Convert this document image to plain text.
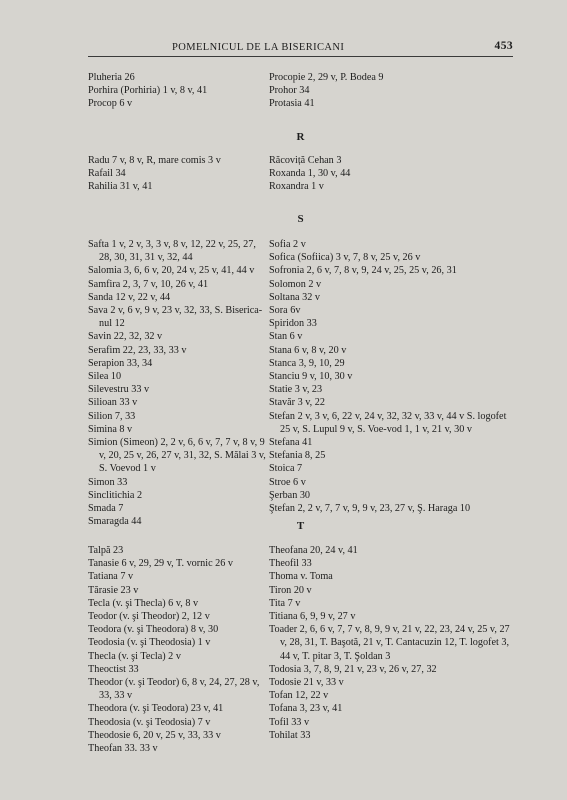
POMELNICUL DE LA BISERICANI	453
Pluheria 26
Porhira (Porhiria) 1 v, 8 v, 41
Procop 6 v
Procopie 2, 29 v, P. Bodea 9
Prohor 34
Protasia 41
R
Radu 7 v, 8 v, R, mare comis 3 v
Rafail 34
Rahilia 31 v, 41
Răcoviță Cehan 3
Roxanda 1, 30 v, 44
Roxandra 1 v
S
Safta 1 v, 2 v, 3, 3 v, 8 v, 12, 22 v, 25, 27, 28, 30, 31, 31 v, 32, 44
Salomia 3, 6, 6 v, 20, 24 v, 25 v, 41, 44 v
Samfira 2, 3, 7 v, 10, 26 v, 41
Sanda 12 v, 22 v, 44
Sava 2 v, 6 v, 9 v, 23 v, 32, 33, S. Biserica-nul 12
Savin 22, 32, 32 v
Serafim 22, 23, 33, 33 v
Serapion 33, 34
Silea 10
Silevestru 33 v
Silioan 33 v
Silion 7, 33
Simina 8 v
Simion (Simeon) 2, 2 v, 6, 6 v, 7, 7 v, 8 v, 9 v, 20, 25 v, 26, 27 v, 31, 32, S. Mălai 3 v, S. Voevod 1 v
Simon 33
Sinclitichia 2
Smada 7
Smaragda 44
Sofia 2 v
Sofica (Sofiica) 3 v, 7, 8 v, 25 v, 26 v
Sofronia 2, 6 v, 7, 8 v, 9, 24 v, 25, 25 v, 26, 31
Solomon 2 v
Soltana 32 v
Sora 6v
Spiridon 33
Stan 6 v
Stana 6 v, 8 v, 20 v
Stanca 3, 9, 10, 29
Stanciu 9 v, 10, 30 v
Statie 3 v, 23
Stavăr 3 v, 22
Stefan 2 v, 3 v, 6, 22 v, 24 v, 32, 32 v, 33 v, 44 v S. logofet 25 v, S. Lupul 9 v, S. Voe-vod 1, 1 v, 21 v, 30 v
Stefana 41
Stefania 8, 25
Stoica 7
Stroe 6 v
Şerban 30
Ştefan 2, 2 v, 7, 7 v, 9, 9 v, 23, 27 v, Ş. Haraga 10
T
Talpă 23
Tanasie 6 v, 29, 29 v, T. vornic 26 v
Tatiana 7 v
Tărasie 23 v
Tecla (v. şi Thecla) 6 v, 8 v
Teodor (v. şi Theodor) 2, 12 v
Teodora (v. şi Theodora) 8 v, 30
Teodosia (v. şi Theodosia) 1 v
Thecla (v. şi Tecla) 2 v
Theoctist 33
Theodor (v. şi Teodor) 6, 8 v, 24, 27, 28 v, 33, 33 v
Theodora (v. şi Teodora) 23 v, 41
Theodosia (v. şi Teodosia) 7 v
Theodosie 6, 20 v, 25 v, 33, 33 v
Theofan 33. 33 v
Theofana 20, 24 v, 41
Theofil 33
Thoma v. Toma
Tiron 20 v
Tita 7 v
Titiana 6, 9, 9 v, 27 v
Toader 2, 6, 6 v, 7, 7 v, 8, 9, 9 v, 21 v, 22, 23, 24 v, 25 v, 27 v, 28, 31, T. Başotă, 21 v, T. Cantacuzin 12, T. logofet 3, 44 v, T. pitar 3, T. Şoldan 3
Todosia 3, 7, 8, 9, 21 v, 23 v, 26 v, 27, 32
Todosie 21 v, 33 v
Tofan 12, 22 v
Tofana 3, 23 v, 41
Tofil 33 v
Tohilat 33
